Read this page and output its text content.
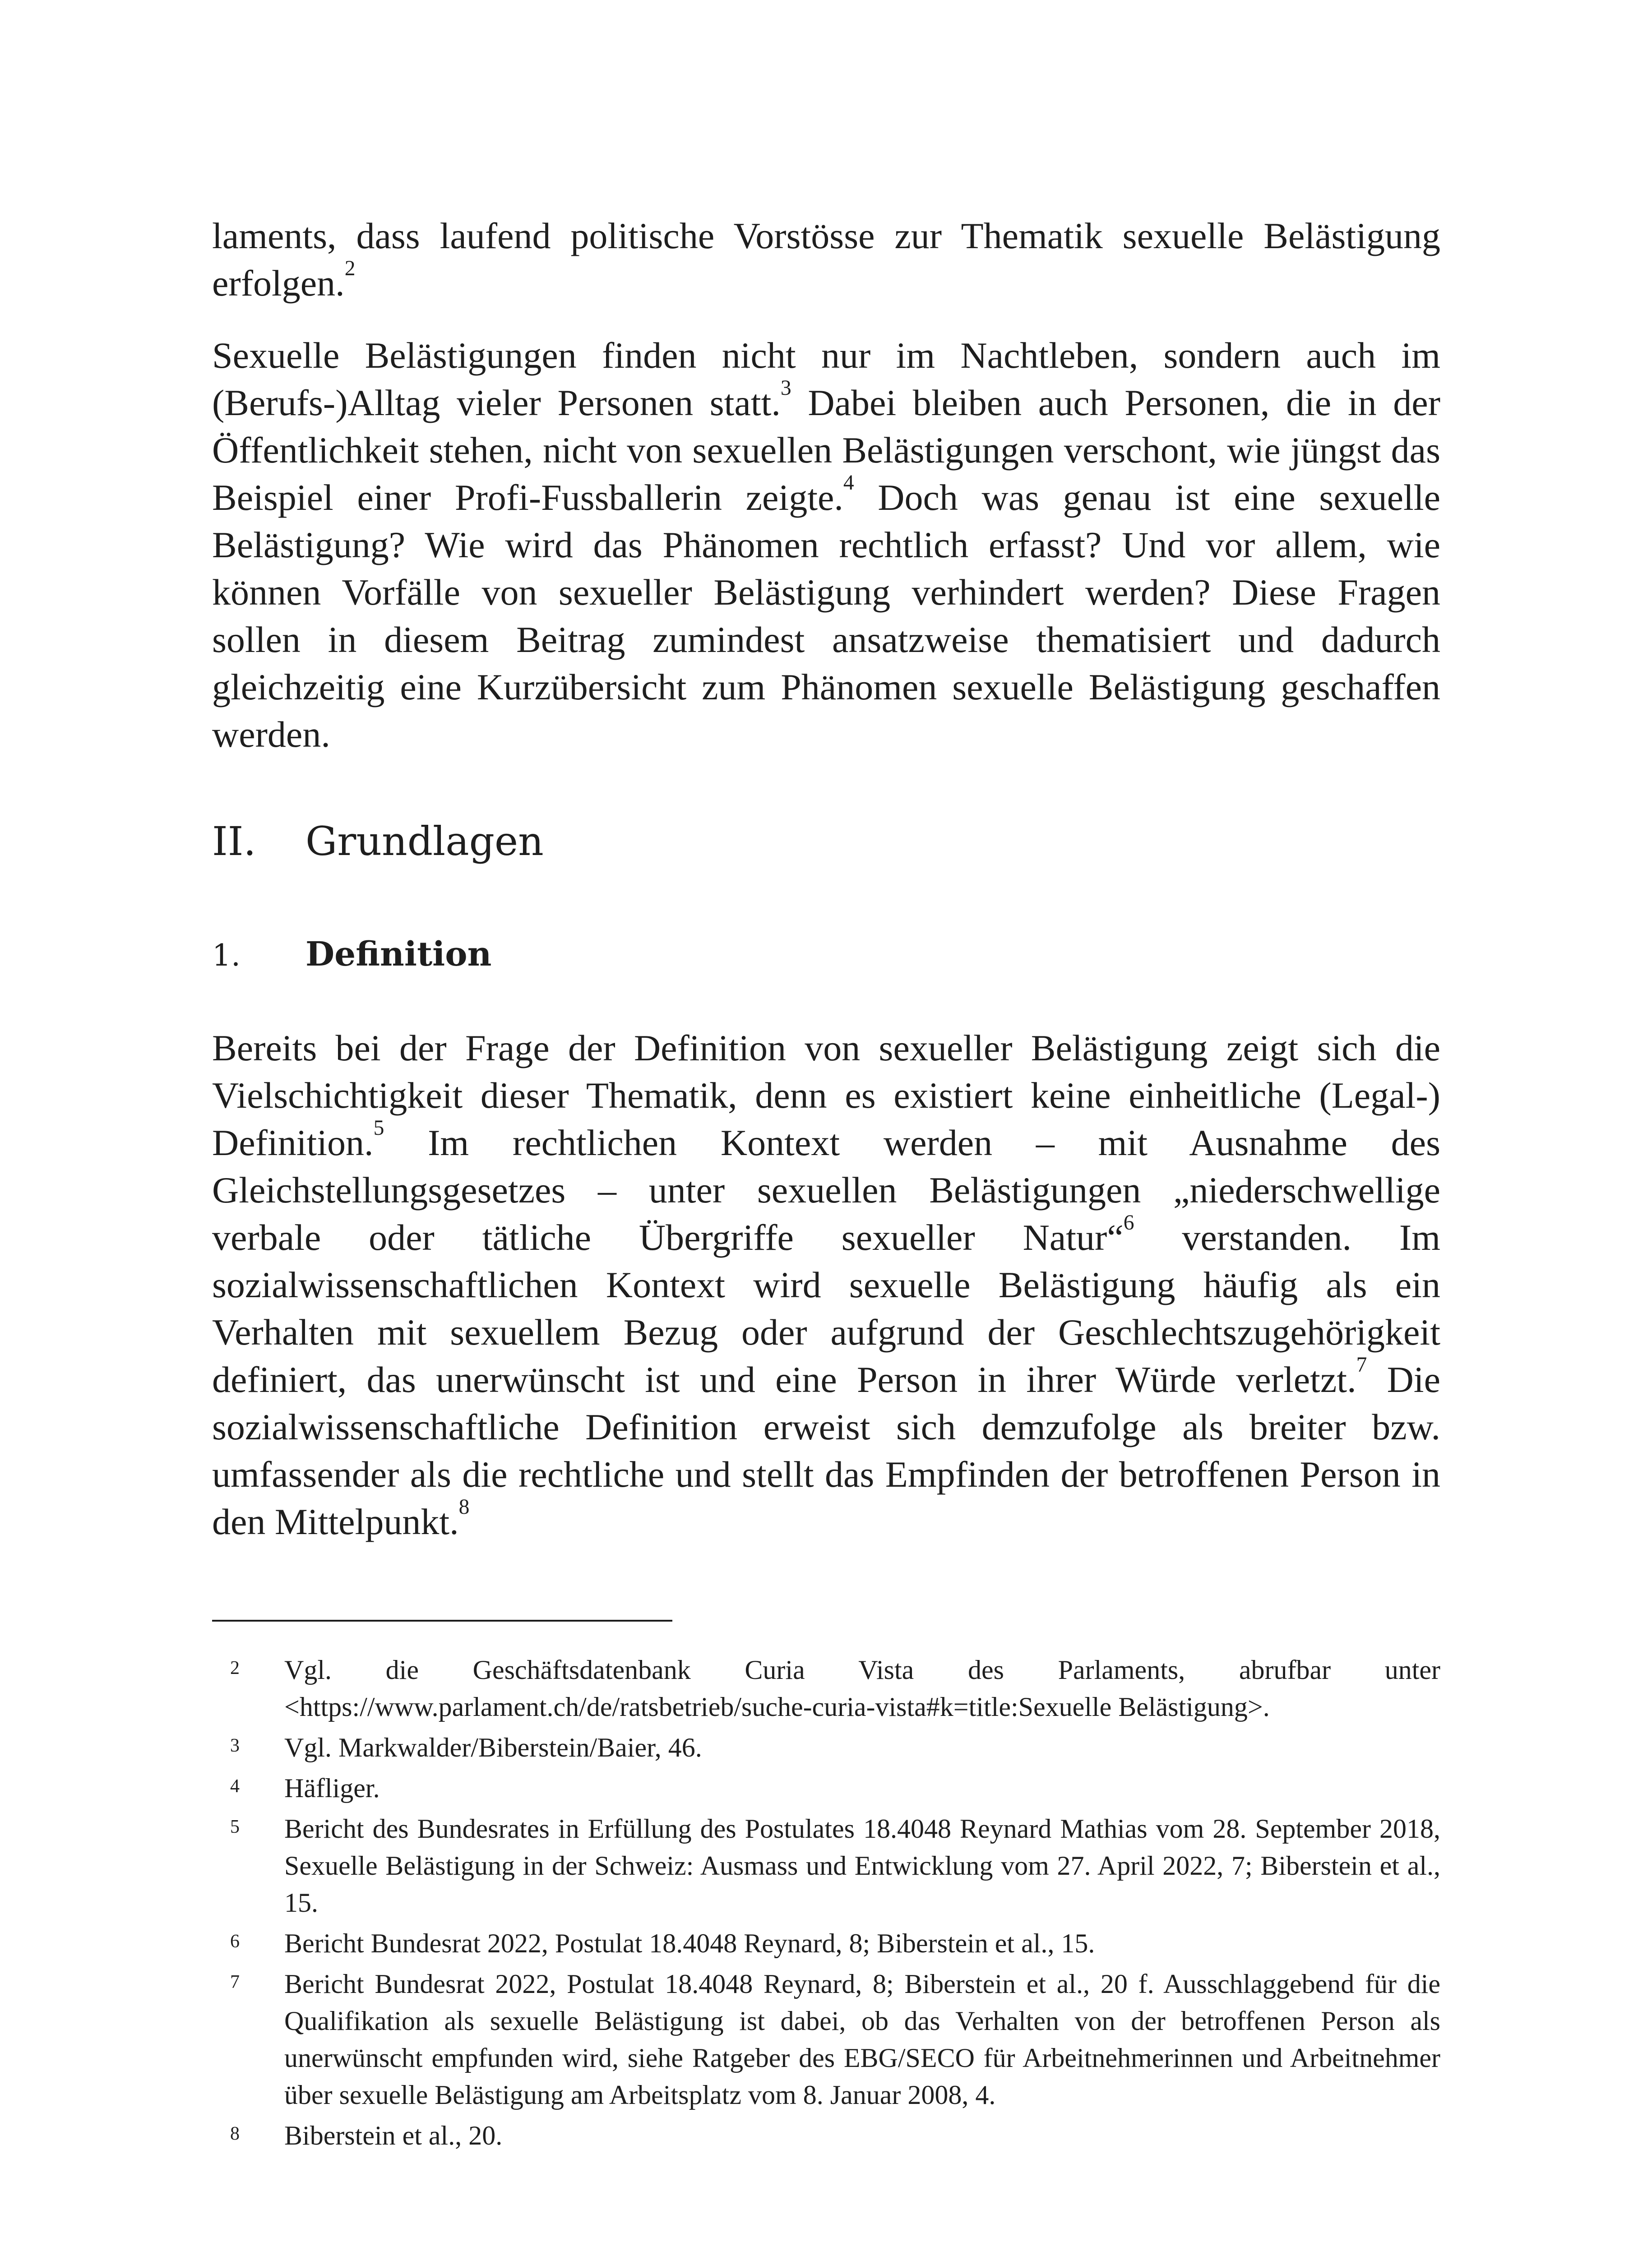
laments, dass laufend politische Vorstösse zur Thematik sexuelle Belästigung erfolgen.$^2$

Sexuelle Belästigungen finden nicht nur im Nachtleben, sondern auch im (Berufs-)Alltag vieler Personen statt.$^3$ Dabei bleiben auch Personen, die in der Öffentlichkeit stehen, nicht von sexuellen Belästigungen verschont, wie jüngst das Beispiel einer Profi-Fussballerin zeigte.$^4$ Doch was genau ist eine sexuelle Belästigung? Wie wird das Phänomen rechtlich erfasst? Und vor allem, wie können Vorfälle von sexueller Belästigung verhindert werden? Diese Fragen sollen in diesem Beitrag zumindest ansatzweise thematisiert und dadurch gleichzeitig eine Kurzübersicht zum Phänomen sexuelle Belästigung geschaffen werden.

II. Grundlagen
1. Definition

Bereits bei der Frage der Definition von sexueller Belästigung zeigt sich die Vielschichtigkeit dieser Thematik, denn es existiert keine einheitliche (Legal-) Definition.$^5$ Im rechtlichen Kontext werden – mit Ausnahme des Gleichstellungsgesetzes – unter sexuellen Belästigungen „niederschwellige verbale oder tätliche Übergriffe sexueller Natur“$^6$ verstanden. Im sozialwissenschaftlichen Kontext wird sexuelle Belästigung häufig als ein Verhalten mit sexuellem Bezug oder aufgrund der Geschlechtszugehörigkeit definiert, das unerwünscht ist und eine Person in ihrer Würde verletzt.$^7$ Die sozialwissenschaftliche Definition erweist sich demzufolge als breiter bzw. umfassender als die rechtliche und stellt das Empfinden der betroffenen Person in den Mittelpunkt.$^8$

2 Vgl. die Geschäftsdatenbank Curia Vista des Parlaments, abrufbar unter <https://www.parlament.ch/de/ratsbetrieb/suche-curia-vista#k=title:Sexuelle Belästigung>.
3 Vgl. Markwalder/Biberstein/Baier, 46.
4 Häfliger.
5 Bericht des Bundesrates in Erfüllung des Postulates 18.4048 Reynard Mathias vom 28. September 2018, Sexuelle Belästigung in der Schweiz: Ausmass und Entwicklung vom 27. April 2022, 7; Biberstein et al., 15.
6 Bericht Bundesrat 2022, Postulat 18.4048 Reynard, 8; Biberstein et al., 15.
7 Bericht Bundesrat 2022, Postulat 18.4048 Reynard, 8; Biberstein et al., 20 f. Ausschlaggebend für die Qualifikation als sexuelle Belästigung ist dabei, ob das Verhalten von der betroffenen Person als unerwünscht empfunden wird, siehe Ratgeber des EBG/SECO für Arbeitnehmerinnen und Arbeitnehmer über sexuelle Belästigung am Arbeitsplatz vom 8. Januar 2008, 4.
8 Biberstein et al., 20.
